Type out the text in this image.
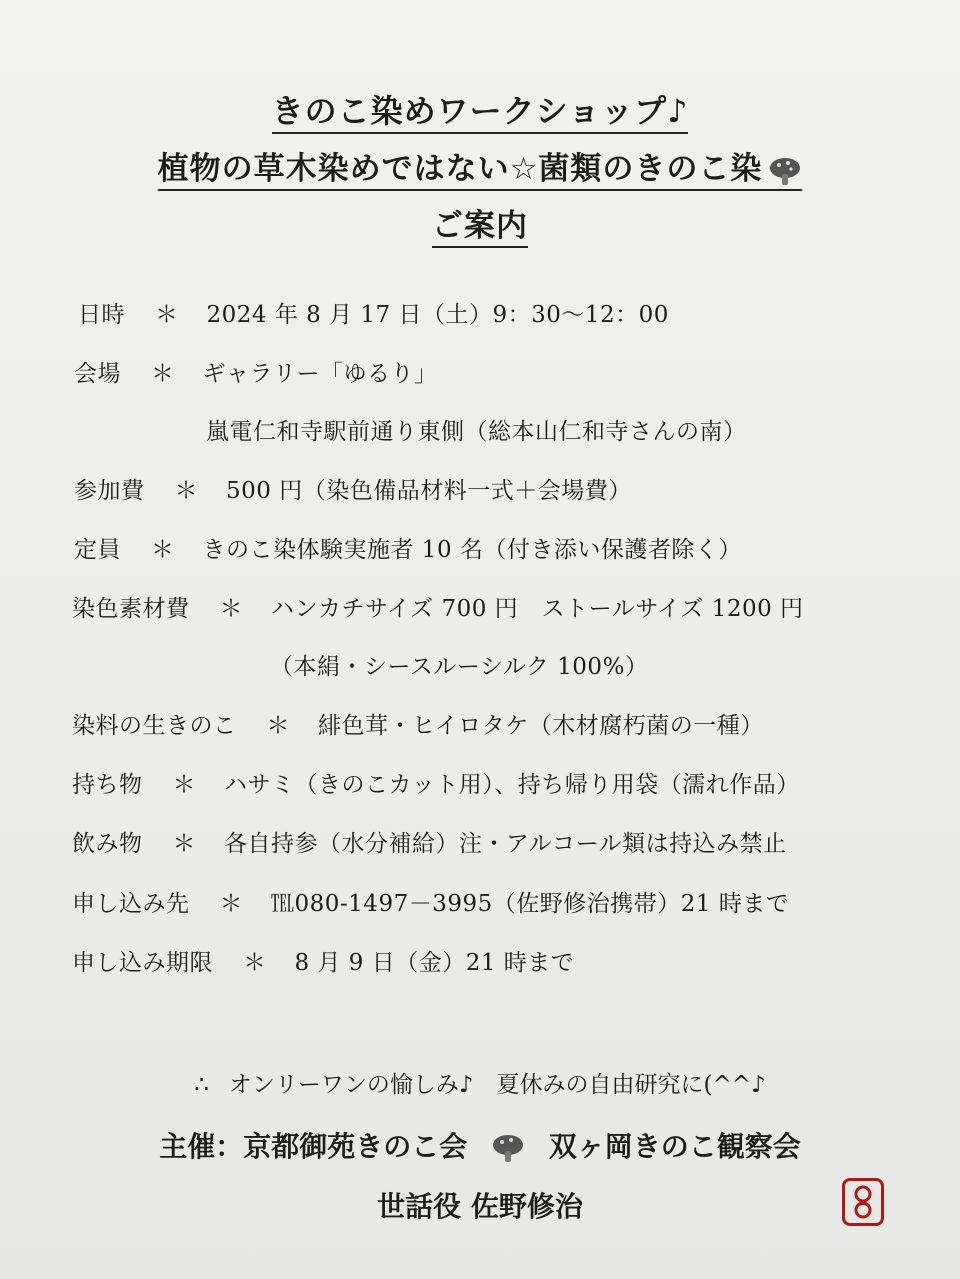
きのこ染めワークショップ♪
植物の草木染めではない☆菌類のきのこ染
ご案内
日時 ＊ 2024 年 8 月 17 日（土）9：30〜12：00
会場 ＊ ギャラリー「ゆるり」
嵐電仁和寺駅前通り東側（総本山仁和寺さんの南）
参加費 ＊ 500 円（染色備品材料一式＋会場費）
定員 ＊ きのこ染体験実施者 10 名（付き添い保護者除く）
染色素材費 ＊ ハンカチサイズ 700 円　ストールサイズ 1200 円
（本絹・シースルーシルク 100%）
染料の生きのこ ＊ 緋色茸・ヒイロタケ（木材腐朽菌の一種）
持ち物 ＊ ハサミ（きのこカット用）、持ち帰り用袋（濡れ作品）
飲み物 ＊ 各自持参（水分補給）注・アルコール類は持込み禁止
申し込み先 ＊ ℡080-1497－3995（佐野修治携帯）21 時まで
申し込み期限 ＊ 8 月 9 日（金）21 時まで
∴ オンリーワンの愉しみ♪　夏休みの自由研究に(^^♪
主催：京都御苑きのこ会	双ヶ岡きのこ観察会
世話役 佐野修治
